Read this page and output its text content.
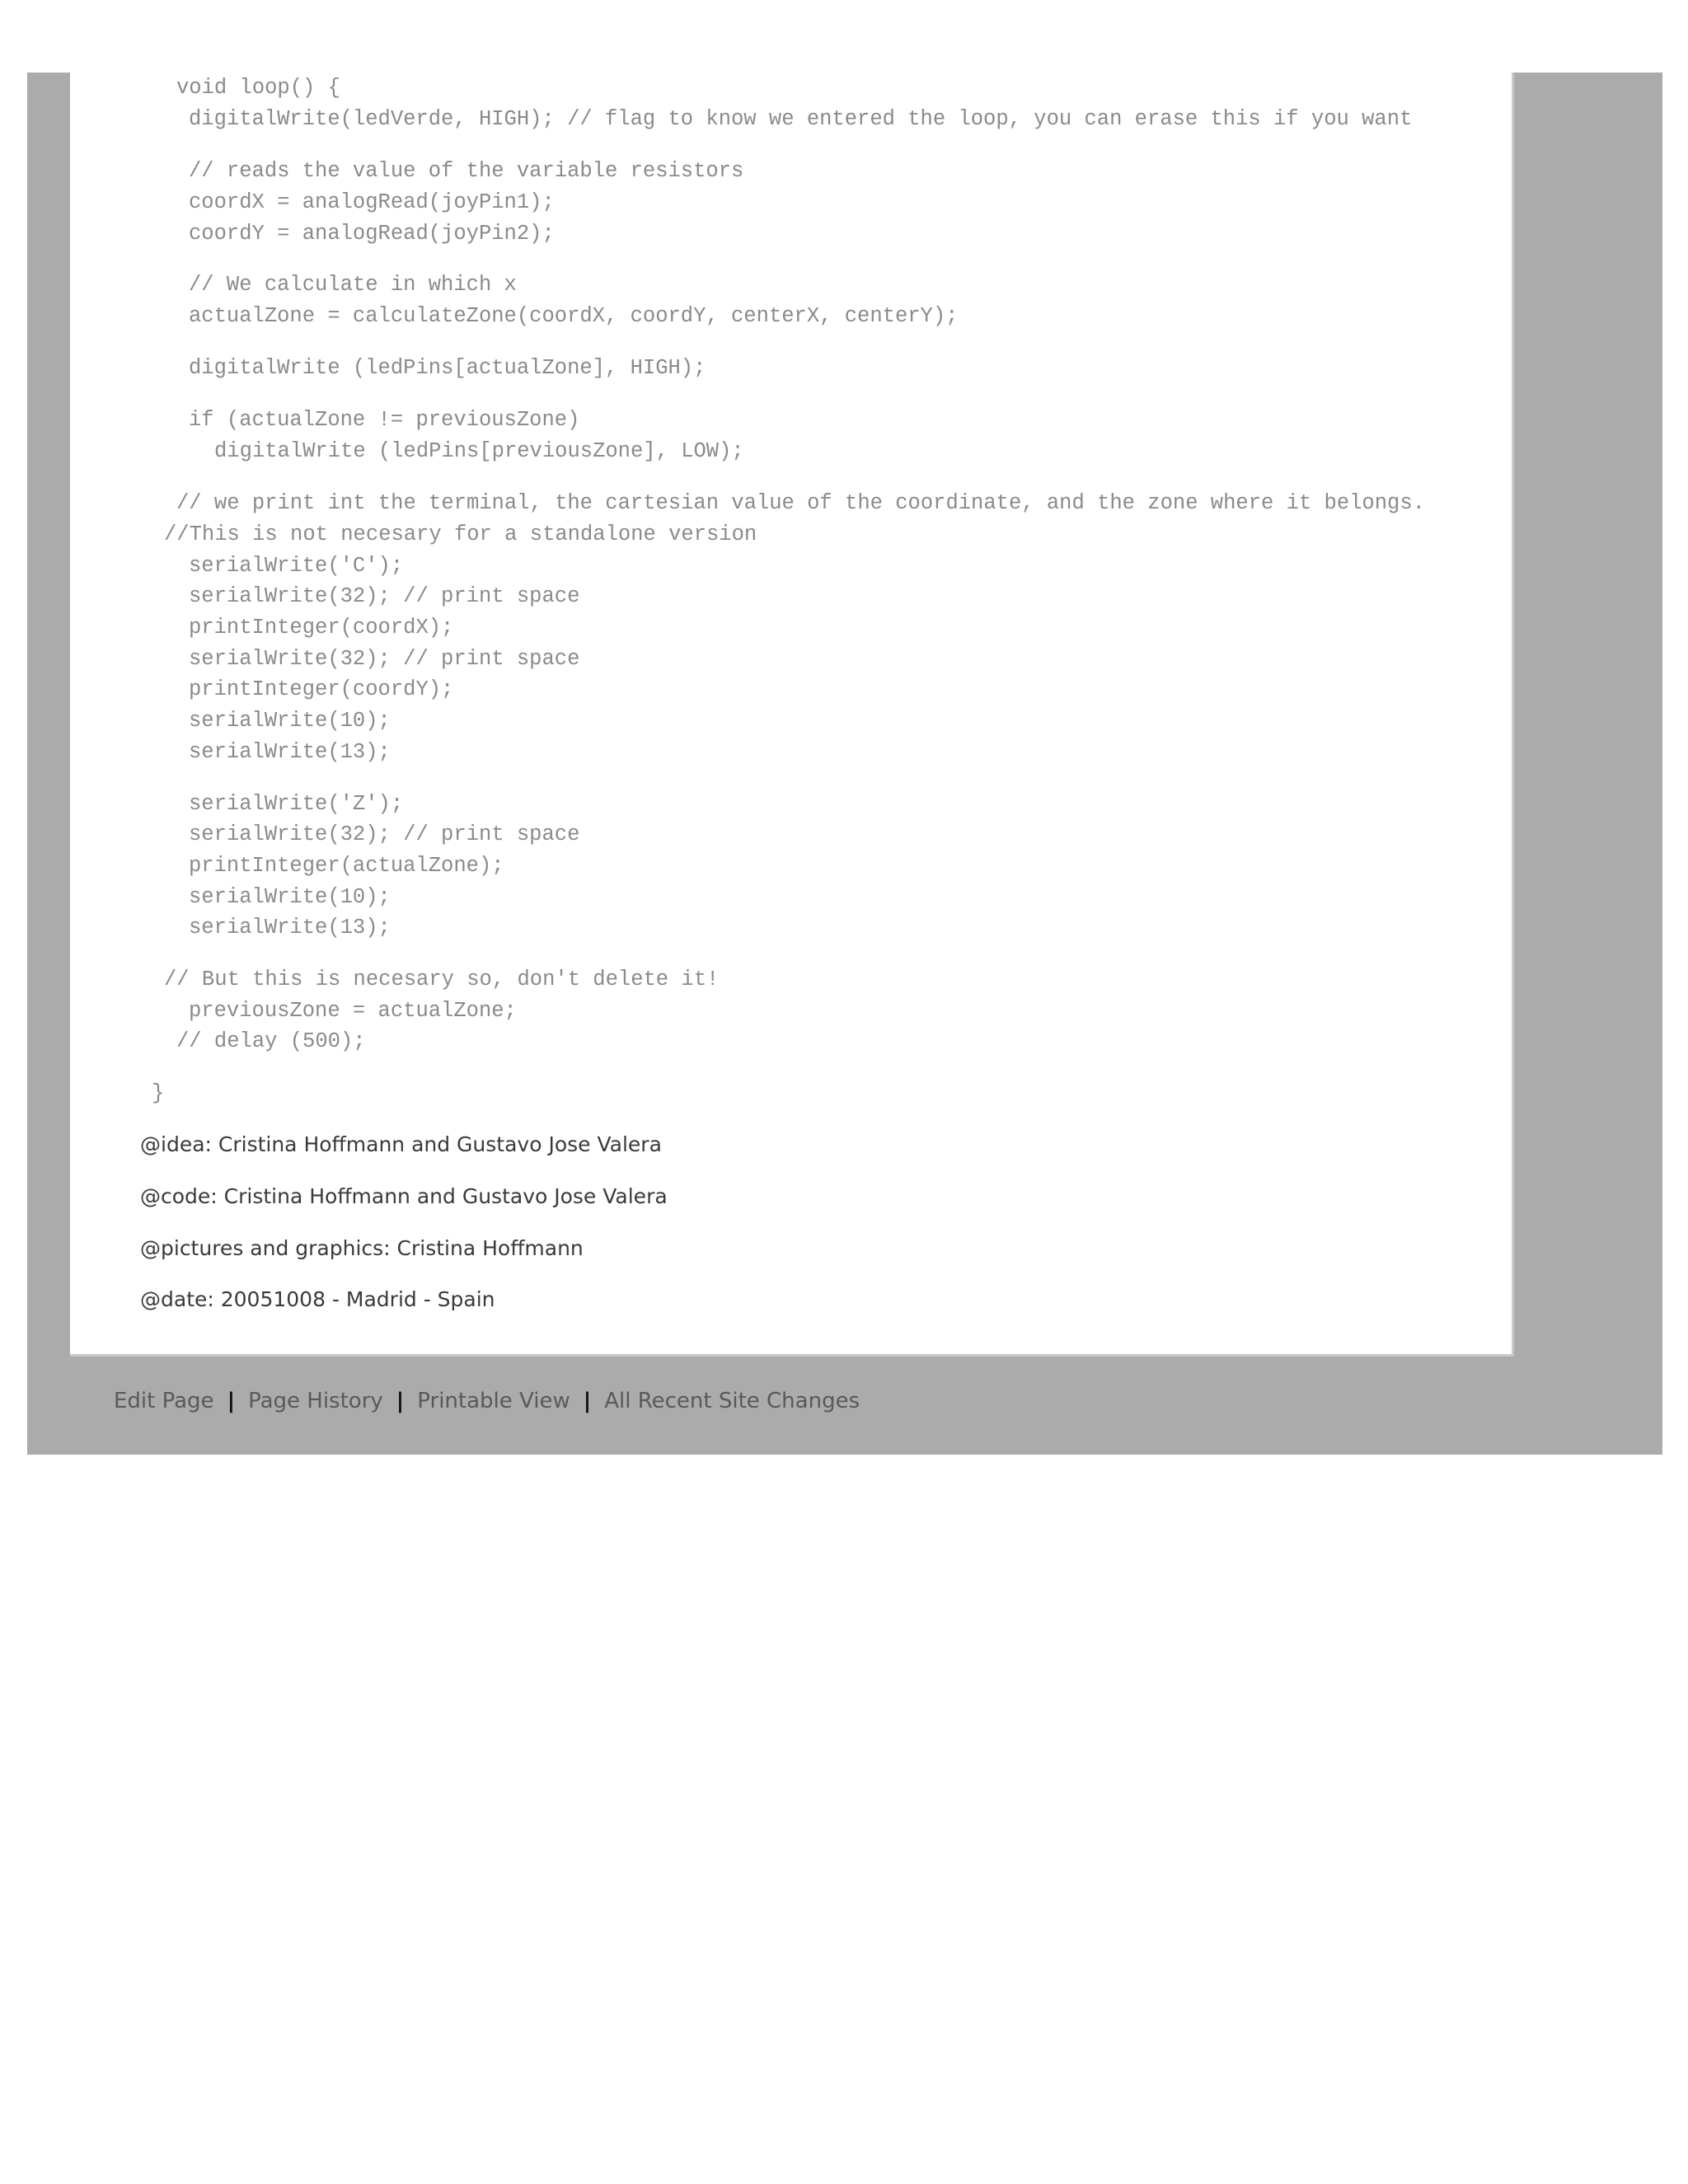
void loop() {
digitalWrite(ledVerde, HIGH); // flag to know we entered the loop, you can erase this if you want
// reads the value of the variable resistors
coordX = analogRead(joyPin1);
coordY = analogRead(joyPin2);
// We calculate in which x
actualZone = calculateZone(coordX, coordY, centerX, centerY);
digitalWrite (ledPins[actualZone], HIGH);
if (actualZone != previousZone)
digitalWrite (ledPins[previousZone], LOW);
// we print int the terminal, the cartesian value of the coordinate, and the zone where it belongs.
//This is not necesary for a standalone version
serialWrite('C');
serialWrite(32); // print space
printInteger(coordX);
serialWrite(32); // print space
printInteger(coordY);
serialWrite(10);
serialWrite(13);
serialWrite('Z');
serialWrite(32); // print space
printInteger(actualZone);
serialWrite(10);
serialWrite(13);
// But this is necesary so, don't delete it!
previousZone = actualZone;
// delay (500);
}
@idea: Cristina Hoffmann and Gustavo Jose Valera
@code: Cristina Hoffmann and Gustavo Jose Valera
@pictures and graphics: Cristina Hoffmann
@date: 20051008 - Madrid - Spain
Edit Page | Page History | Printable View | All Recent Site Changes
